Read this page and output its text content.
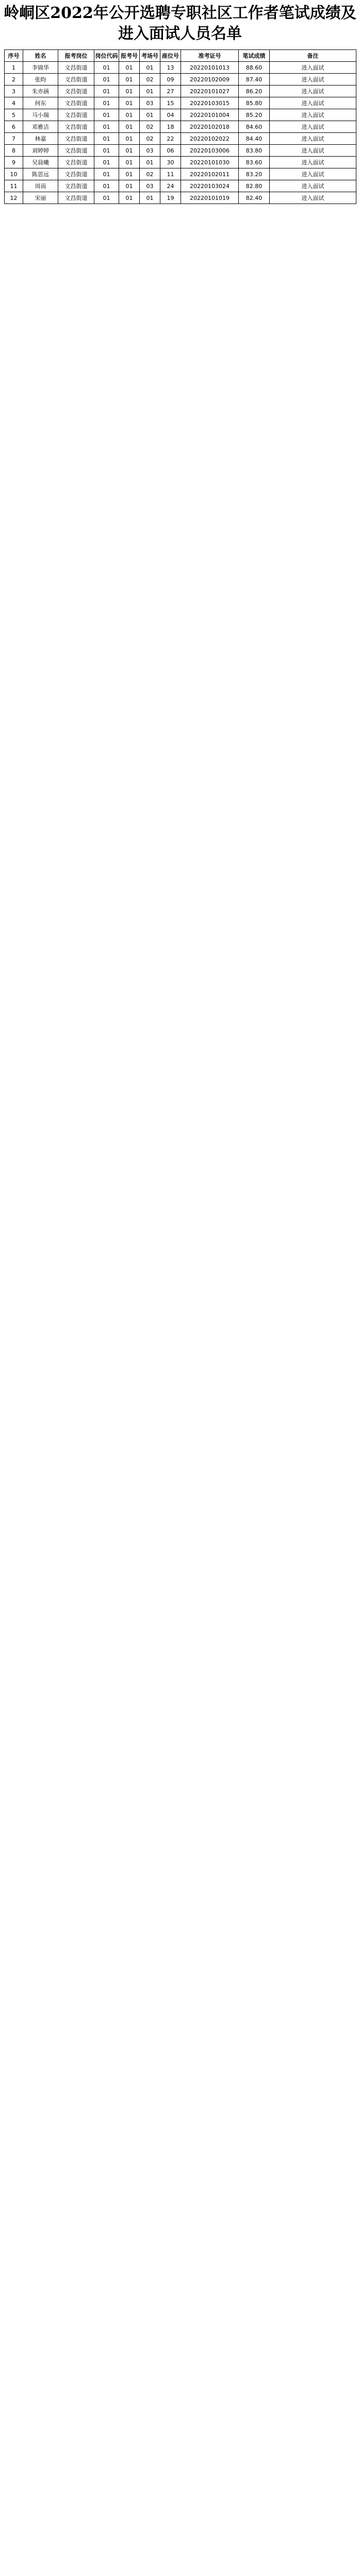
岭峒区2022年公开选聘专职社区工作者笔试成绩及进入面试人员名单
序号	姓名	报考岗位	岗位代码	报考号	考场号	座位号	准考证号	笔试成绩	备注
1	李锦华	文昌街道	01	01	01	13	20220101013	88.60	进入面试
2	张昀	文昌街道	01	01	02	09	20220102009	87.40	进入面试
3	朱亦涵	文昌街道	01	01	01	27	20220101027	86.20	进入面试
4	何东	文昌街道	01	01	03	15	20220103015	85.80	进入面试
5	马小瑞	文昌街道	01	01	01	04	20220101004	85.20	进入面试
6	邓雅洁	文昌街道	01	01	02	18	20220102018	84.60	进入面试
7	林嘉	文昌街道	01	01	02	22	20220102022	84.40	进入面试
8	刘婷婷	文昌街道	01	01	03	06	20220103006	83.80	进入面试
9	吴晨曦	文昌街道	01	01	01	30	20220101030	83.60	进入面试
10	陈思远	文昌街道	01	01	02	11	20220102011	83.20	进入面试
11	周雨	文昌街道	01	01	03	24	20220103024	82.80	进入面试
12	宋丽	文昌街道	01	01	01	19	20220101019	82.40	进入面试
